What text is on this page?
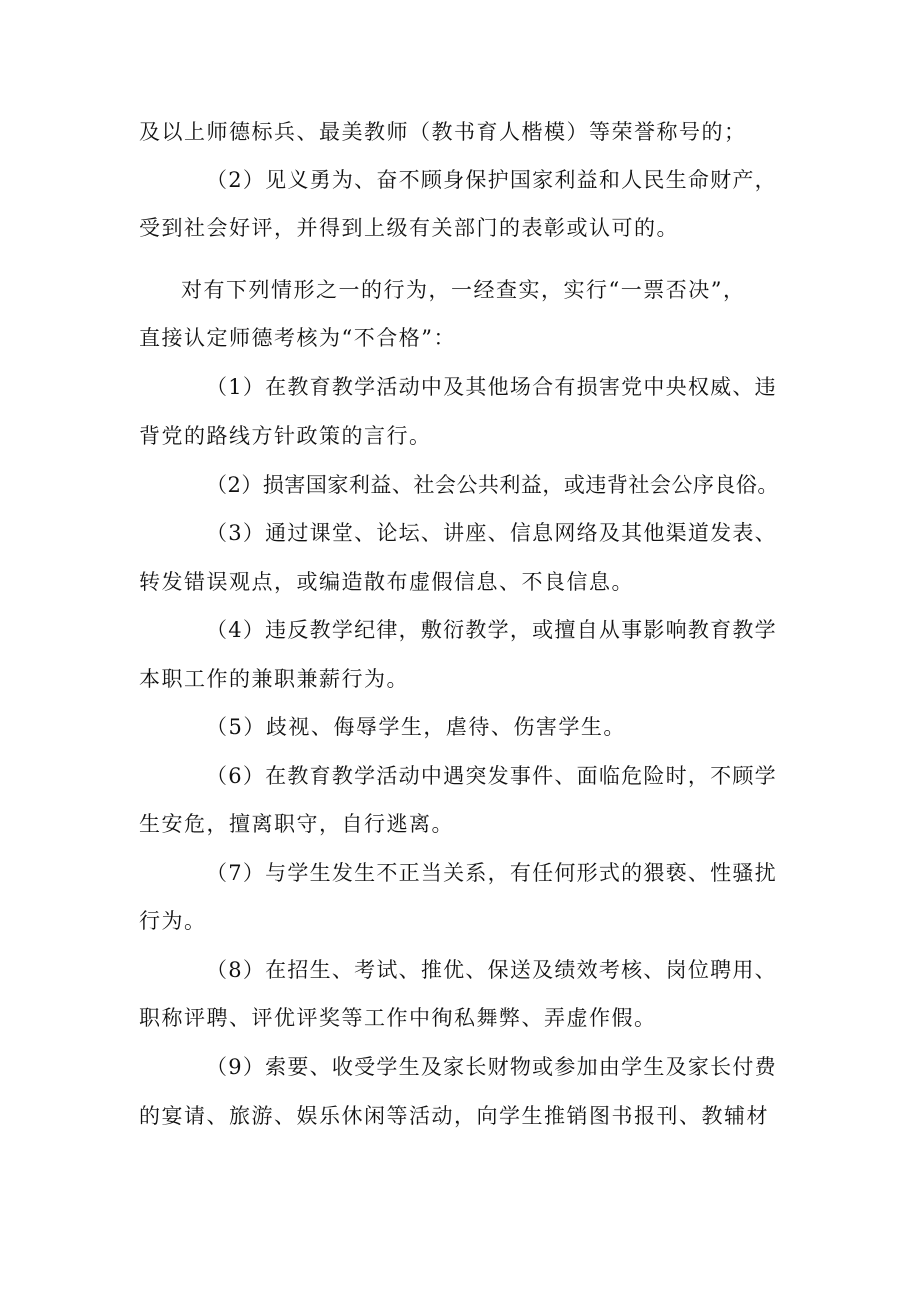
及以上师德标兵、最美教师（教书育人楷模）等荣誉称号的；
（2）见义勇为、奋不顾身保护国家利益和人民生命财产，
受到社会好评，并得到上级有关部门的表彰或认可的。
对有下列情形之一的行为，一经查实，实行“一票否决”，
直接认定师德考核为“不合格”：
（1）在教育教学活动中及其他场合有损害党中央权威、违
背党的路线方针政策的言行。
（2）损害国家利益、社会公共利益，或违背社会公序良俗。
（3）通过课堂、论坛、讲座、信息网络及其他渠道发表、
转发错误观点，或编造散布虚假信息、不良信息。
（4）违反教学纪律，敷衍教学，或擅自从事影响教育教学
本职工作的兼职兼薪行为。
（5）歧视、侮辱学生，虐待、伤害学生。
（6）在教育教学活动中遇突发事件、面临危险时，不顾学
生安危，擅离职守，自行逃离。
（7）与学生发生不正当关系，有任何形式的猥亵、性骚扰
行为。
（8）在招生、考试、推优、保送及绩效考核、岗位聘用、
职称评聘、评优评奖等工作中徇私舞弊、弄虚作假。
（9）索要、收受学生及家长财物或参加由学生及家长付费
的宴请、旅游、娱乐休闲等活动，向学生推销图书报刊、教辅材
